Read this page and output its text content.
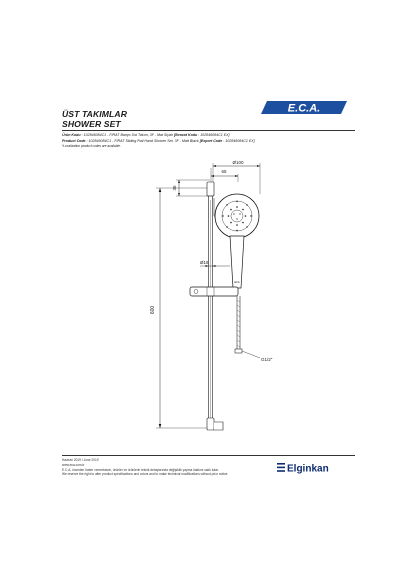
E.C.A.
ÜST TAKIMLAR
SHOWER SET
Ürün Kodu : 102846084C1 - FIRAT Banyo Üst Takım, 3F - Mat Siyah [İhracat Kodu : 102846084C1 EX]
Product Code : 102846084C1 - FIRAT Sliding Rail Hand Shower Set, 3F - Matt Black [Export Code : 102846084C1 EX]
*Localization product codes are available.
600
36
65
Ø100
ECA
Ø19
G1/2"
Haziran 2019 / June 2019
www.eca.com.tr
E.C.A. önceden haber vermeksizin, ürünler ve ürünlerin teknik detaylarında değişiklik yapma hakkını saklı tutar.
We reserve the right to alter product specifications and colors and to make technical modifications without prior notice.	Elginkan
